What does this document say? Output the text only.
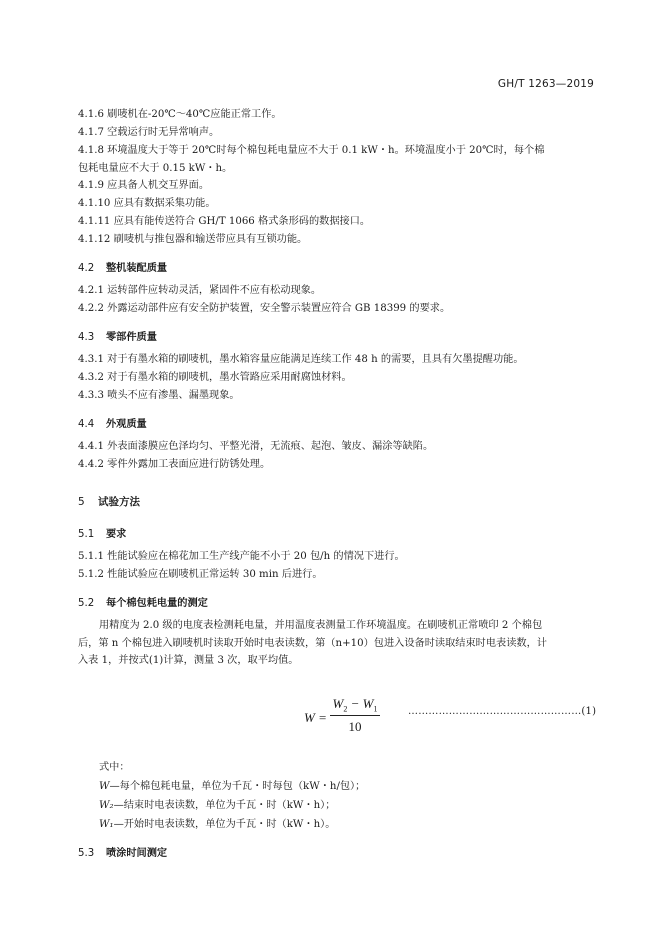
GH/T 1263—2019

4.1.6 刷唛机在-20℃～40℃应能正常工作。

4.1.7 空载运行时无异常响声。

4.1.8 环境温度大于等于 20℃时每个棉包耗电量应不大于 0.1 kW・h。环境温度小于 20℃时，每个棉

包耗电量应不大于 0.15 kW・h。

4.1.9 应具备人机交互界面。

4.1.10 应具有数据采集功能。

4.1.11 应具有能传送符合 GH/T 1066 格式条形码的数据接口。

4.1.12 刷唛机与推包器和输送带应具有互锁功能。

4.2 整机装配质量

4.2.1 运转部件应转动灵活，紧固件不应有松动现象。

4.2.2 外露运动部件应有安全防护装置，安全警示装置应符合 GB 18399 的要求。

4.3 零部件质量

4.3.1 对于有墨水箱的刷唛机，墨水箱容量应能满足连续工作 48 h 的需要，且具有欠墨提醒功能。

4.3.2 对于有墨水箱的刷唛机，墨水管路应采用耐腐蚀材料。

4.3.3 喷头不应有渗墨、漏墨现象。

4.4 外观质量

4.4.1 外表面漆膜应色泽均匀、平整光滑，无流痕、起泡、皱皮、漏涂等缺陷。

4.4.2 零件外露加工表面应进行防锈处理。

5 试验方法
5.1 要求

5.1.1 性能试验应在棉花加工生产线产能不小于 20 包/h 的情况下进行。

5.1.2 性能试验应在刷唛机正常运转 30 min 后进行。

5.2 每个棉包耗电量的测定

用精度为 2.0 级的电度表检测耗电量，并用温度表测量工作环境温度。在刷唛机正常喷印 2 个棉包

后，第 n 个棉包进入刷唛机时读取开始时电表读数，第（n+10）包进入设备时读取结束时电表读数，计

入表 1，并按式(1)计算，测量 3 次，取平均值。

W =
$W_2 - W_1$
10
……………………………………………(1)

式中：

W—每个棉包耗电量，单位为千瓦・时每包（kW・h/包）；

W₂—结束时电表读数，单位为千瓦・时（kW・h）；

W₁—开始时电表读数，单位为千瓦・时（kW・h）。

5.3 喷涂时间测定
